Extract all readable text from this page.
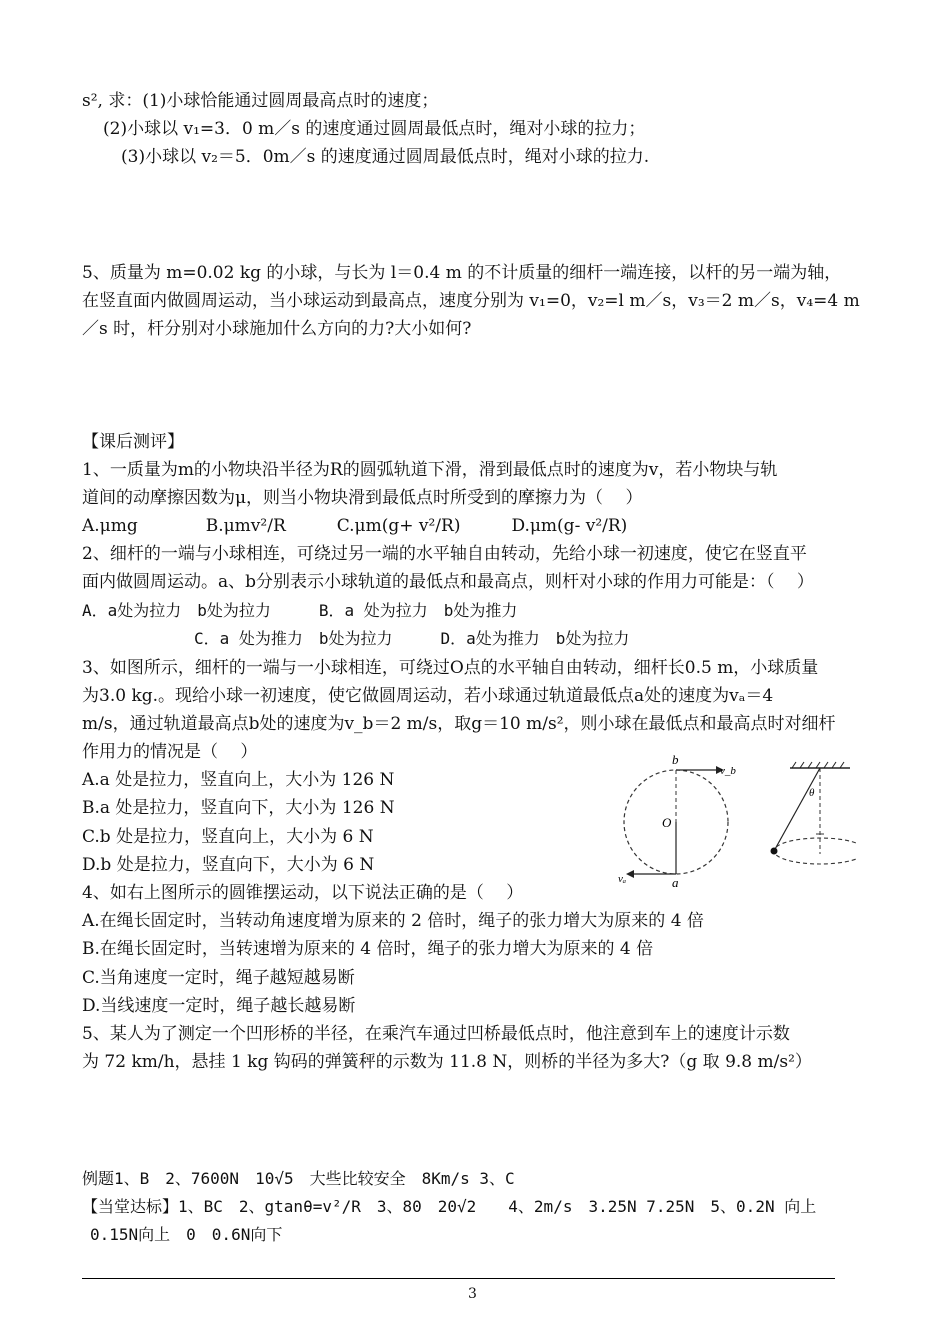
s², 求：(1)小球恰能通过圆周最高点时的速度；
(2)小球以 v₁=3．0 m／s 的速度通过圆周最低点时，绳对小球的拉力；
(3)小球以 v₂＝5．0m／s 的速度通过圆周最低点时，绳对小球的拉力.
5、质量为 m=0.02 kg 的小球，与长为 l＝0.4 m 的不计质量的细杆一端连接，以杆的另一端为轴，
在竖直面内做圆周运动，当小球运动到最高点，速度分别为 v₁=0，v₂=l m／s，v₃＝2 m／s，v₄=4 m
／s 时，杆分别对小球施加什么方向的力?大小如何?
【课后测评】
1、一质量为m的小物块沿半径为R的圆弧轨道下滑，滑到最低点时的速度为v，若小物块与轨
道间的动摩擦因数为μ，则当小物块滑到最低点时所受到的摩擦力为（　 ）
A.μmg　　　　B.μmv²/R　　　C.μm(g+ v²/R)　　　D.μm(g- v²/R)
2、细杆的一端与小球相连，可绕过另一端的水平轴自由转动，先给小球一初速度，使它在竖直平
面内做圆周运动。a、b分别表示小球轨道的最低点和最高点，则杆对小球的作用力可能是：（　 ）
A．a处为拉力　b处为拉力　　　B．a 处为拉力　b处为推力
C．a 处为推力　b处为拉力　　　D．a处为推力　b处为拉力
3、如图所示，细杆的一端与一小球相连，可绕过O点的水平轴自由转动，细杆长0.5 m，小球质量
为3.0 kg.。现给小球一初速度，使它做圆周运动，若小球通过轨道最低点a处的速度为vₐ＝4
m/s，通过轨道最高点b处的速度为v_b＝2 m/s，取g＝10 m/s²，则小球在最低点和最高点时对细杆
作用力的情况是（　 ）
A.a 处是拉力，竖直向上，大小为 126 N
B.a 处是拉力，竖直向下，大小为 126 N
C.b 处是拉力，竖直向上，大小为 6 N
D.b 处是拉力，竖直向下，大小为 6 N
4、如右上图所示的圆锥摆运动，以下说法正确的是（　 ）
A.在绳长固定时，当转动角速度增为原来的 2 倍时，绳子的张力增大为原来的 4 倍
B.在绳长固定时，当转速增为原来的 4 倍时，绳子的张力增大为原来的 4 倍
C.当角速度一定时，绳子越短越易断
D.当线速度一定时，绳子越长越易断
5、某人为了测定一个凹形桥的半径，在乘汽车通过凹桥最低点时，他注意到车上的速度计示数
为 72 km/h，悬挂 1 kg 钩码的弹簧秤的示数为 11.8 N，则桥的半径为多大?（g 取 9.8 m/s²）
例题1、B　2、7600N　10√5　大些比较安全　8Km/s 3、C
【当堂达标】1、BC　2、gtanθ=v²/R　3、80　20√2　　4、2m/s　3.25N 7.25N　5、0.2N 向上
0.15N向上　0　0.6N向下
b
v_b
O
vₐ	a
θ
3
